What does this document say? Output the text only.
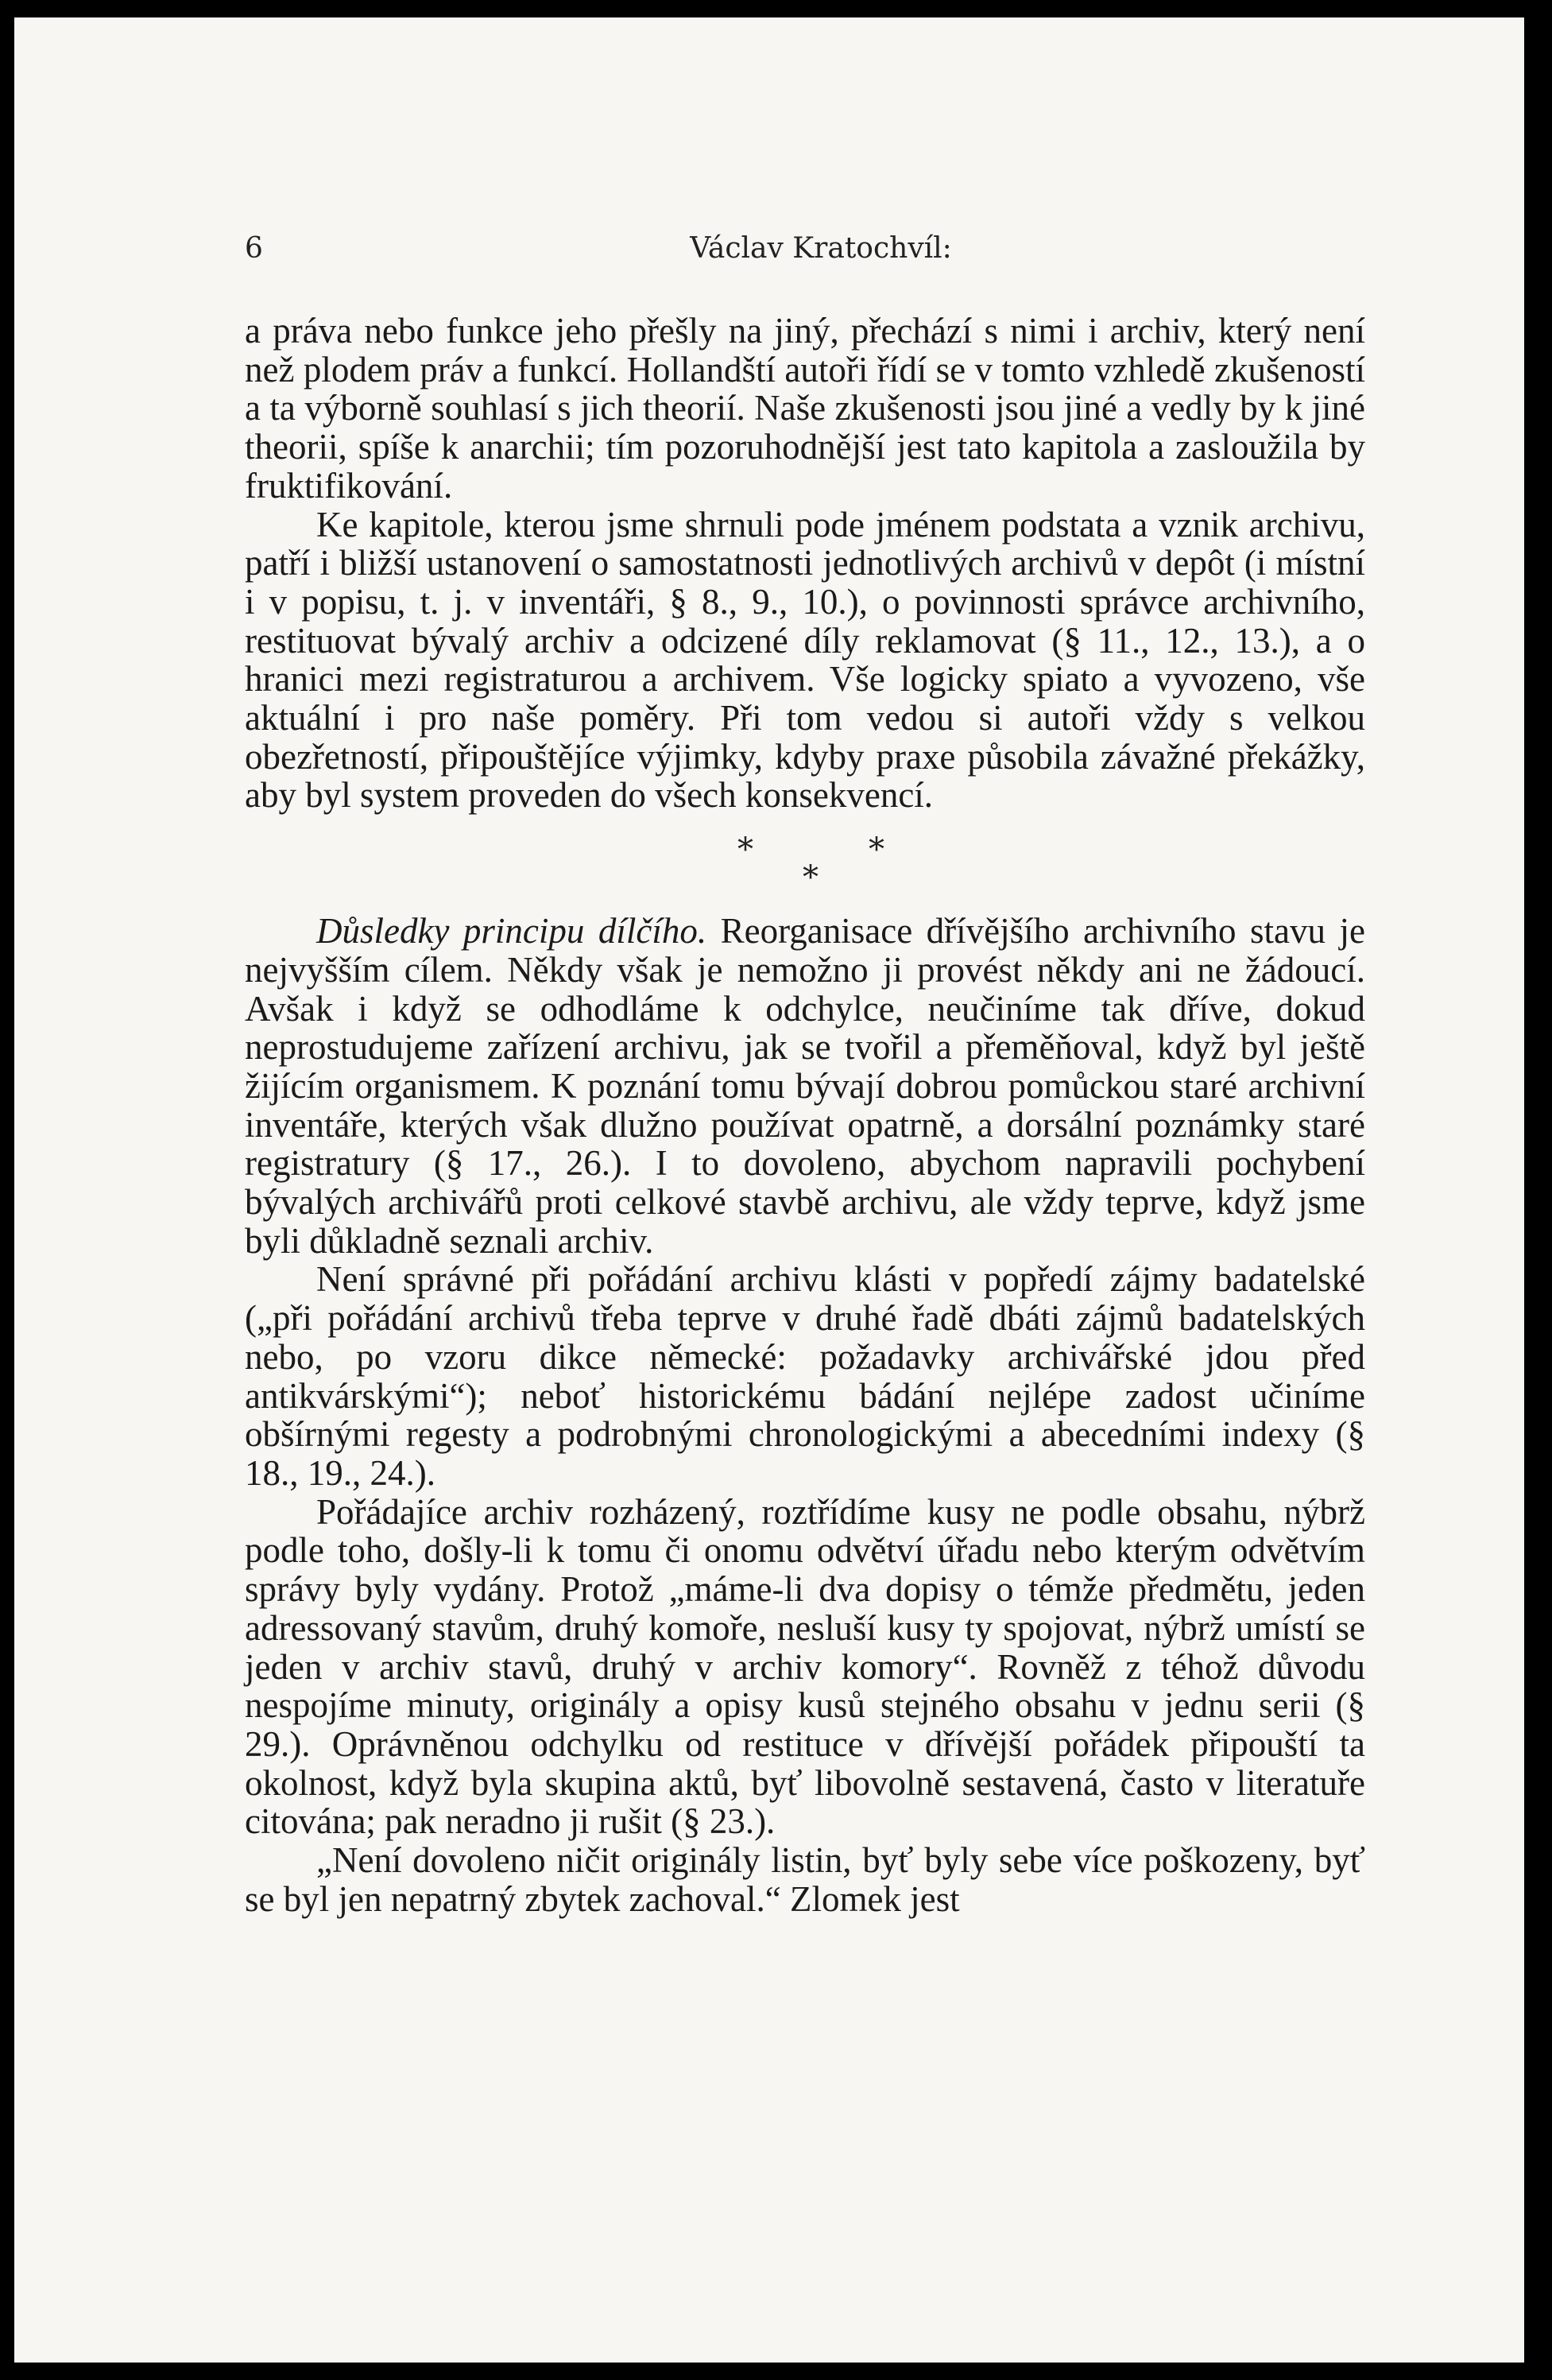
6	Václav Kratochvíl:

a práva nebo funkce jeho přešly na jiný, přechází s nimi i archiv, který není než plodem práv a funkcí. Hollandští autoři řídí se v tomto vzhledě zkušeností a ta výborně souhlasí s jich theorií. Naše zkušenosti jsou jiné a vedly by k jiné theorii, spíše k anarchii; tím pozoruhodnější jest tato kapitola a zasloužila by fruktifikování.

Ke kapitole, kterou jsme shrnuli pode jménem podstata a vznik archivu, patří i bližší ustanovení o samostatnosti jednotlivých archivů v depôt (i místní i v popisu, t. j. v inventáři, § 8., 9., 10.), o povinnosti správce archivního, restituovat bývalý archiv a odcizené díly reklamovat (§ 11., 12., 13.), a o hranici mezi registraturou a archivem. Vše logicky spiato a vyvozeno, vše aktuální i pro naše poměry. Při tom vedou si autoři vždy s velkou obezřetností, připouštějíce výjimky, kdyby praxe působila závažné překážky, aby byl system proveden do všech konsekvencí.

*	*
*

Důsledky principu dílčího. Reorganisace dřívějšího archivního stavu je nejvyšším cílem. Někdy však je nemožno ji provést někdy ani ne žádoucí. Avšak i když se odhodláme k odchylce, neučiníme tak dříve, dokud neprostudujeme zařízení archivu, jak se tvořil a přeměňoval, když byl ještě žijícím organismem. K poznání tomu bývají dobrou pomůckou staré archivní inventáře, kterých však dlužno používat opatrně, a dorsální poznámky staré registratury (§ 17., 26.). I to dovoleno, abychom napravili pochybení bývalých archivářů proti celkové stavbě archivu, ale vždy teprve, když jsme byli důkladně seznali archiv.

Není správné při pořádání archivu klásti v popředí zájmy badatelské („při pořádání archivů třeba teprve v druhé řadě dbáti zájmů badatelských nebo, po vzoru dikce německé: požadavky archivářské jdou před antikvárskými“); neboť historickému bádání nejlépe zadost učiníme obšírnými regesty a podrobnými chronologickými a abecedními indexy (§ 18., 19., 24.).

Pořádajíce archiv rozházený, roztřídíme kusy ne podle obsahu, nýbrž podle toho, došly-li k tomu či onomu odvětví úřadu nebo kterým odvětvím správy byly vydány. Protož „máme-li dva dopisy o témže předmětu, jeden adressovaný stavům, druhý komoře, nesluší kusy ty spojovat, nýbrž umístí se jeden v archiv stavů, druhý v archiv komory“. Rovněž z téhož důvodu nespojíme minuty, originály a opisy kusů stejného obsahu v jednu serii (§ 29.). Oprávněnou odchylku od restituce v dřívější pořádek připouští ta okolnost, když byla skupina aktů, byť libovolně sestavená, často v literatuře citována; pak neradno ji rušit (§ 23.).

„Není dovoleno ničit originály listin, byť byly sebe více poškozeny, byť se byl jen nepatrný zbytek zachoval.“ Zlomek jest
